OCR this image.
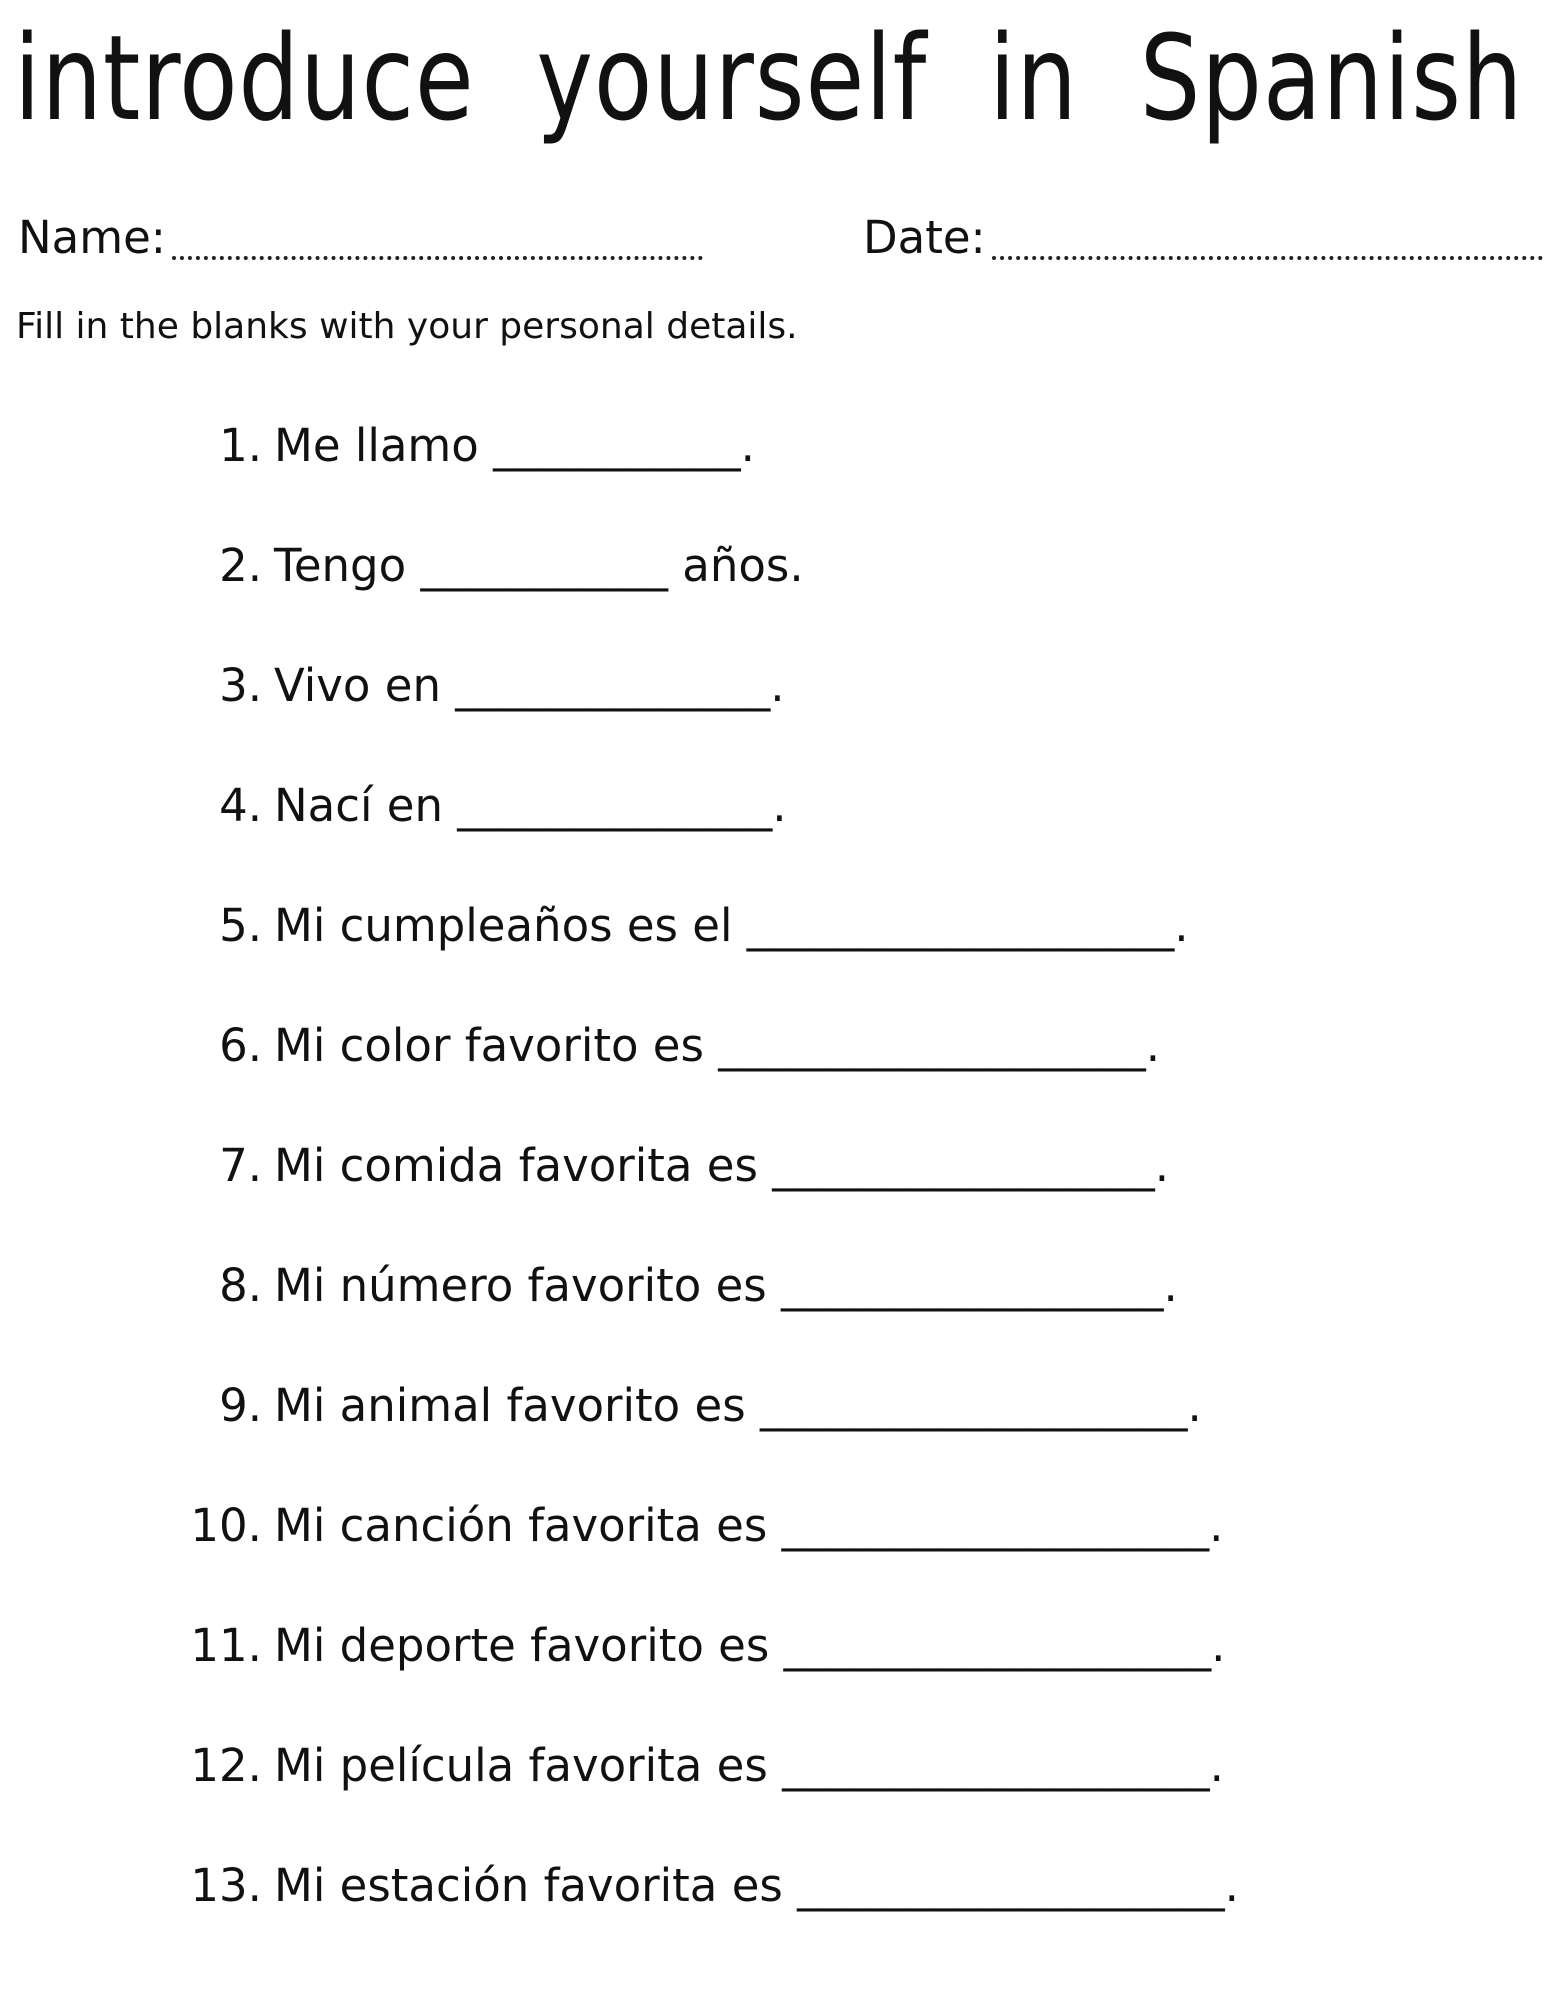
introduce yourself in Spanish
Name:	Date:
Fill in the blanks with your personal details.
1. Me llamo ___________.
2. Tengo ___________ años.
3. Vivo en ______________.
4. Nací en ______________.
5. Mi cumpleaños es el ___________________.
6. Mi color favorito es ___________________.
7. Mi comida favorita es _________________.
8. Mi número favorito es _________________.
9. Mi animal favorito es ___________________.
10. Mi canción favorita es ___________________.
11. Mi deporte favorito es ___________________.
12. Mi película favorita es ___________________.
13. Mi estación favorita es ___________________.
